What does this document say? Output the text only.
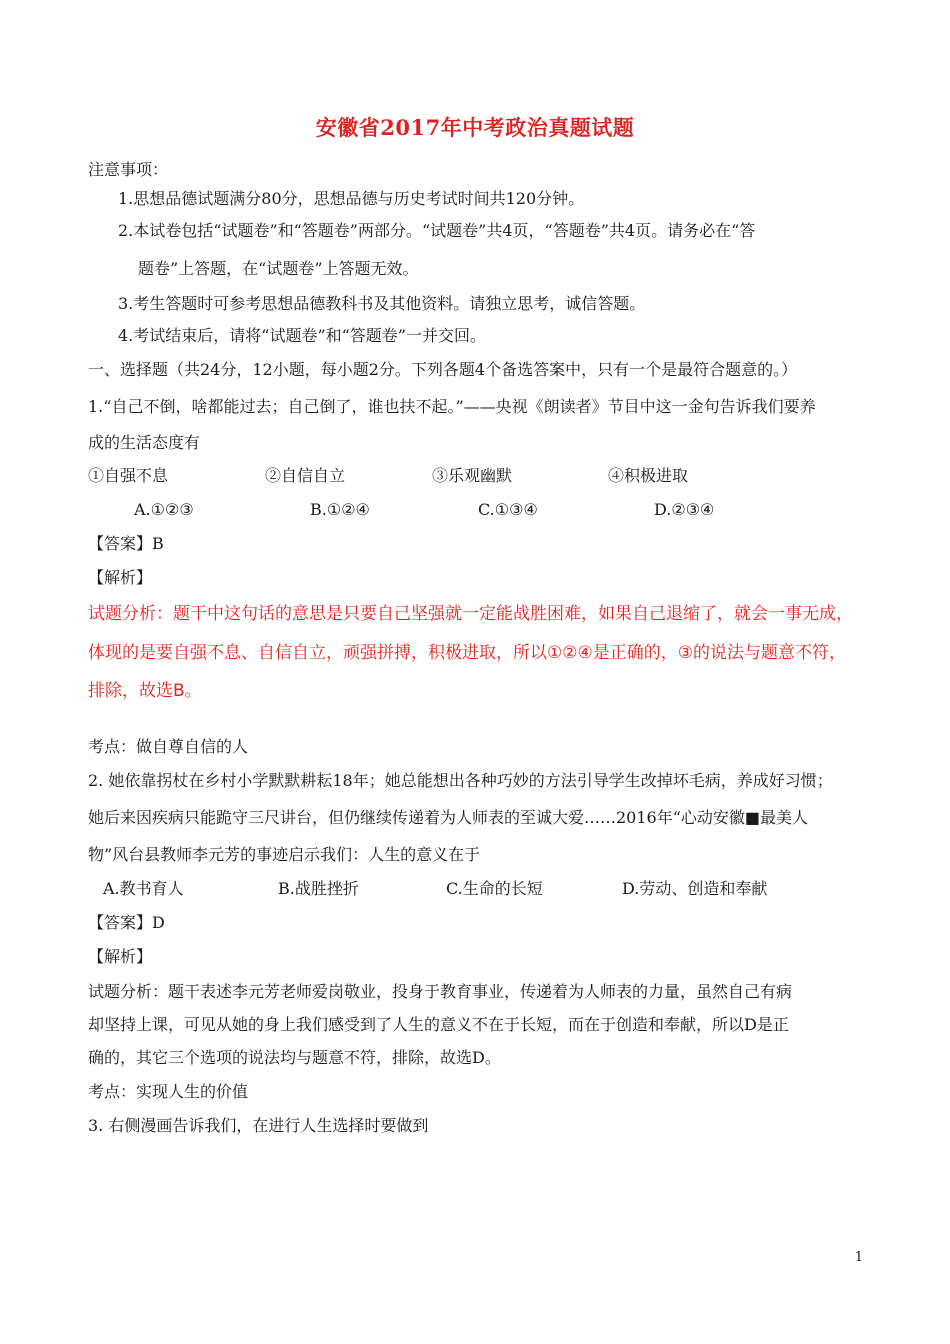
安徽省2017年中考政治真题试题
注意事项：
1.思想品德试题满分80分，思想品德与历史考试时间共120分钟。
2.本试卷包括“试题卷”和“答题卷”两部分。“试题卷”共4页，“答题卷”共4页。请务必在“答
题卷”上答题，在“试题卷”上答题无效。
3.考生答题时可参考思想品德教科书及其他资料。请独立思考，诚信答题。
4.考试结束后，请将“试题卷”和“答题卷”一并交回。
一、选择题（共24分，12小题，每小题2分。下列各题4个备选答案中，只有一个是最符合题意的。）
1.“自己不倒，啥都能过去；自己倒了，谁也扶不起。”——央视《朗读者》节目中这一金句告诉我们要养
成的生活态度有
①自强不息	②自信自立	③乐观幽默	④积极进取
A.①②③	B.①②④	C.①③④	D.②③④
【答案】B
【解析】
试题分析：题干中这句话的意思是只要自己坚强就一定能战胜困难，如果自己退缩了，就会一事无成，
体现的是要自强不息、自信自立，顽强拼搏，积极进取，所以①②④是正确的，③的说法与题意不符，
排除，故选B。
考点：做自尊自信的人
2. 她依靠拐杖在乡村小学默默耕耘18年；她总能想出各种巧妙的方法引导学生改掉坏毛病，养成好习惯；
她后来因疾病只能跪守三尺讲台，但仍继续传递着为人师表的至诚大爱……2016年“心动安徽■最美人
物”风台县教师李元芳的事迹启示我们：人生的意义在于
A.教书育人	B.战胜挫折	C.生命的长短	D.劳动、创造和奉献
【答案】D
【解析】
试题分析：题干表述李元芳老师爱岗敬业，投身于教育事业，传递着为人师表的力量，虽然自己有病
却坚持上课，可见从她的身上我们感受到了人生的意义不在于长短，而在于创造和奉献，所以D是正
确的，其它三个选项的说法均与题意不符，排除，故选D。
考点：实现人生的价值
3. 右侧漫画告诉我们，在进行人生选择时要做到
1
